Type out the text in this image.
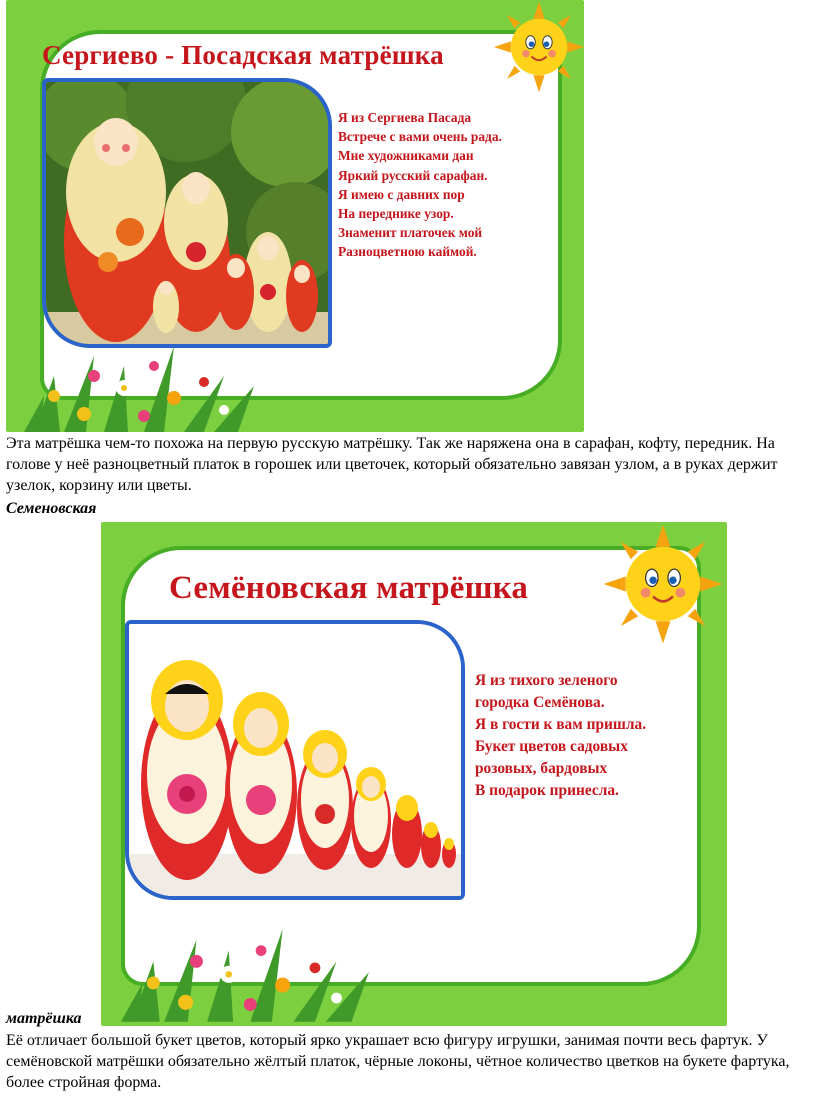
Сергиево - Посадская матрёшка
Я из Сергиева Пасада
Встрече с вами очень рада.
Мне художниками дан
Яркий русский сарафан.
Я имею с давних пор
На переднике узор.
Знаменит платочек мой
Разноцветною каймой.

Эта матрёшка чем-то похожа на первую русскую матрёшку. Так же наряжена она в сарафан, кофту, передник. На голове у неё разноцветный платок в горошек или цветочек, который обязательно завязан узлом, а в руках держит узелок, корзину или цветы.

Семеновская
Семёновская матрёшка
Я из тихого зеленого
городка Семёнова.
Я в гости к вам пришла.
Букет цветов садовых
розовых, бардовых
В подарок принесла.
матрёшка

Её отличает большой букет цветов, который ярко украшает всю фигуру игрушки, занимая почти весь фартук. У семёновской матрёшки обязательно жёлтый платок, чёрные локоны, чётное количество цветков на букете фартука, более стройная форма.
